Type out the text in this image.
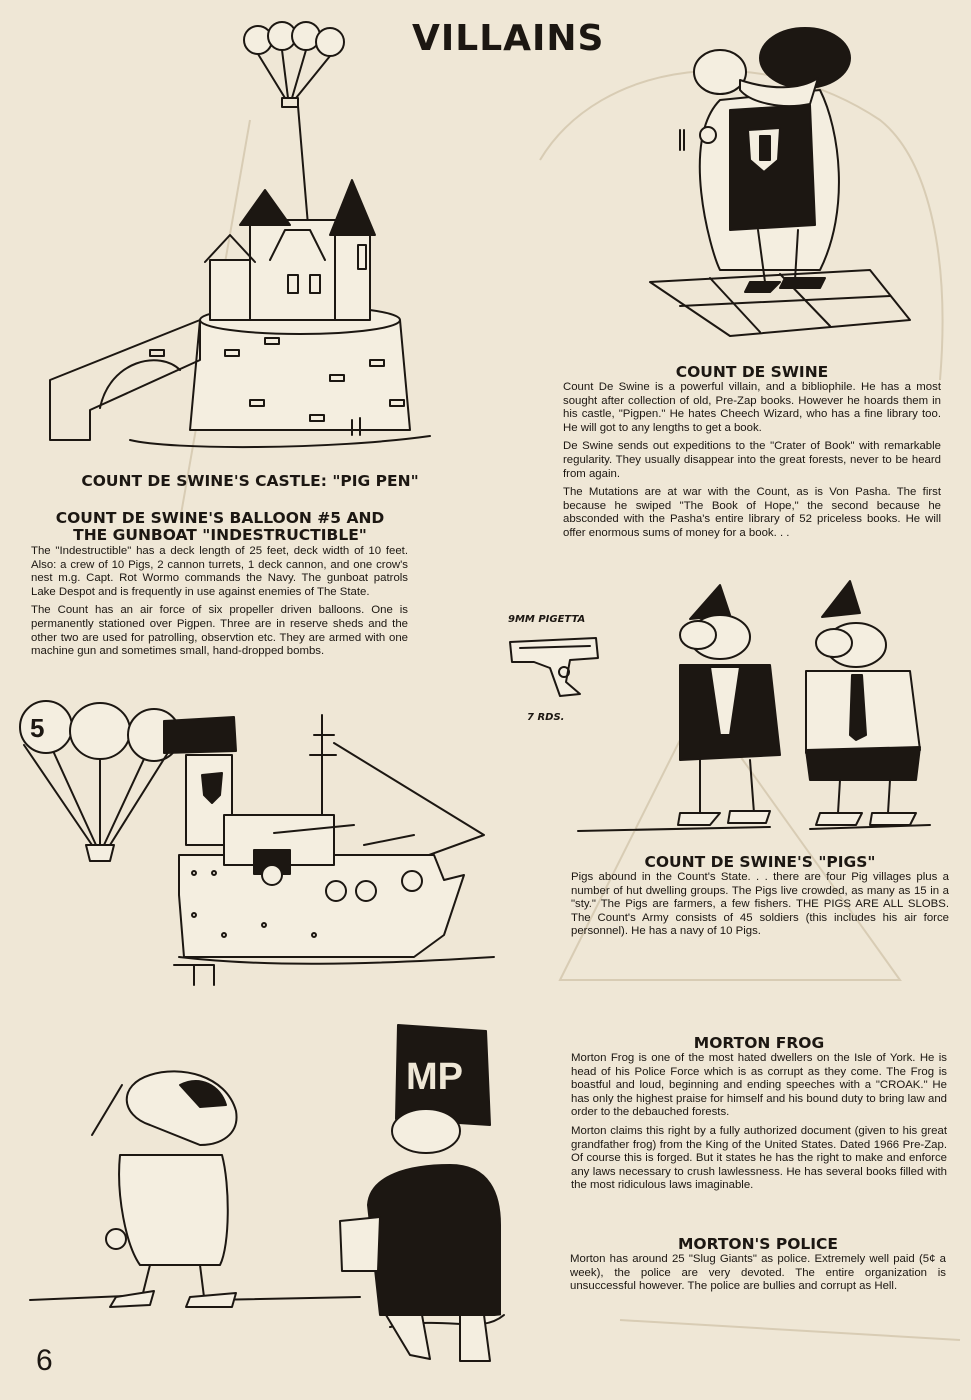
VILLAINS
COUNT DE SWINE'S CASTLE: "PIG PEN"
COUNT DE SWINE'S BALLOON #5 AND
THE GUNBOAT "INDESTRUCTIBLE"

The "Indestructible" has a deck length of 25 feet, deck width of 10 feet. Also: a crew of 10 Pigs, 2 cannon turrets, 1 deck cannon, and one crow's nest m.g. Capt. Rot Wormo commands the Navy. The gunboat patrols Lake Despot and is frequently in use against enemies of The State.

The Count has an air force of six propeller driven balloons. One is permanently stationed over Pigpen. Three are in reserve sheds and the other two are used for patrolling, observtion etc. They are armed with one machine gun and sometimes small, hand-dropped bombs.

5
COUNT DE SWINE

Count De Swine is a powerful villain, and a bibliophile. He has a most sought after collection of old, Pre-Zap books. However he hoards them in his castle, "Pigpen." He hates Cheech Wizard, who has a fine library too. He will got to any lengths to get a book.

De Swine sends out expeditions to the "Crater of Book" with remarkable regularity. They usually disappear into the great forests, never to be heard from again.

The Mutations are at war with the Count, as is Von Pasha. The first because he swiped "The Book of Hope," the second because he absconded with the Pasha's entire library of 52 priceless books. He will offer enormous sums of money for a book. . .

9MM PIGETTA
7 RDS.
COUNT DE SWINE'S "PIGS"

Pigs abound in the Count's State. . . there are four Pig villages plus a number of hut dwelling groups. The Pigs live crowded, as many as 15 in a "sty." The Pigs are farmers, a few fishers. THE PIGS ARE ALL SLOBS. The Count's Army consists of 45 soldiers (this includes his air force personnel). He has a navy of 10 Pigs.

MP
MORTON FROG

Morton Frog is one of the most hated dwellers on the Isle of York. He is head of his Police Force which is as corrupt as they come. The Frog is boastful and loud, beginning and ending speeches with a "CROAK." He has only the highest praise for himself and his bound duty to bring law and order to the debauched forests.

Morton claims this right by a fully authorized document (given to his great grandfather frog) from the King of the United States. Dated 1966 Pre-Zap. Of course this is forged. But it states he has the right to make and enforce any laws necessary to crush lawlessness. He has several books filled with the most ridiculous laws imaginable.

MORTON'S POLICE

Morton has around 25 "Slug Giants" as police. Extremely well paid (5¢ a week), the police are very devoted. The entire organization is unsuccessful however. The police are bullies and corrupt as Hell.

6
